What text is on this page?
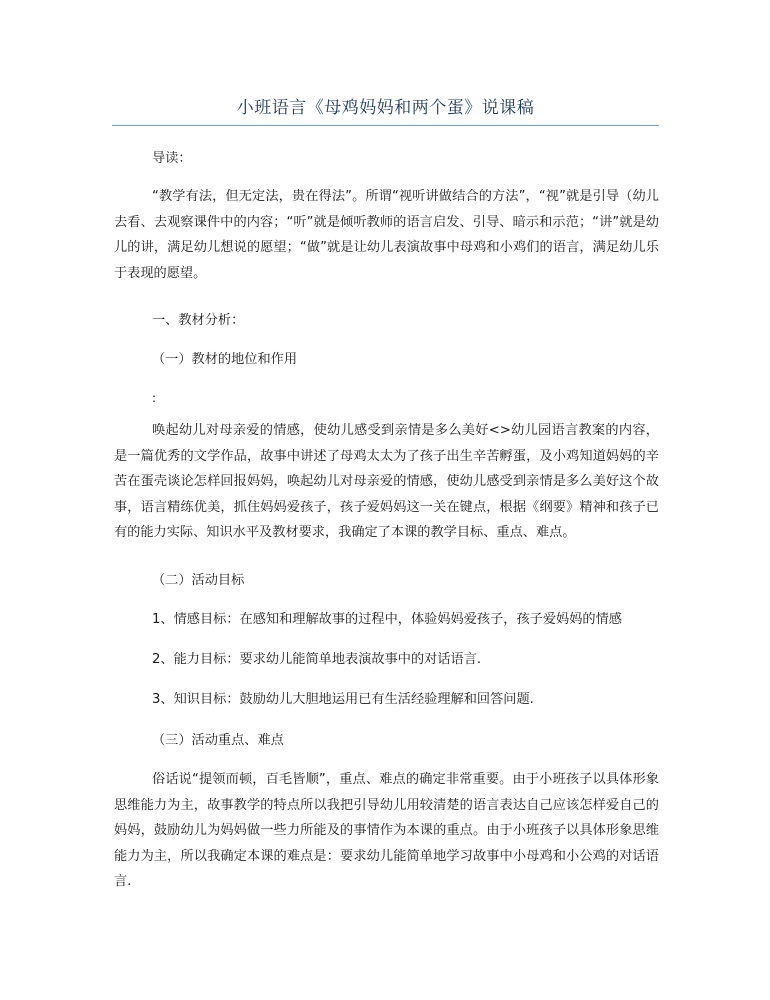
小班语言《母鸡妈妈和两个蛋》说课稿
导读：
“教学有法，但无定法，贵在得法”。所谓“视听讲做结合的方法”，“视”就是引导（幼儿去看、去观察课件中的内容；“听”就是倾听教师的语言启发、引导、暗示和示范；“讲”就是幼儿的讲，满足幼儿想说的愿望；“做”就是让幼儿表演故事中母鸡和小鸡们的语言，满足幼儿乐于表现的愿望。
一、教材分析：
（一）教材的地位和作用
:
唤起幼儿对母亲爱的情感，使幼儿感受到亲情是多么美好<>幼儿园语言教案的内容，是一篇优秀的文学作品，故事中讲述了母鸡太太为了孩子出生辛苦孵蛋，及小鸡知道妈妈的辛苦在蛋壳谈论怎样回报妈妈，唤起幼儿对母亲爱的情感，使幼儿感受到亲情是多么美好这个故事，语言精练优美，抓住妈妈爱孩子，孩子爱妈妈这一关在键点，根据《纲要》精神和孩子已有的能力实际、知识水平及教材要求，我确定了本课的教学目标、重点、难点。
（二）活动目标
1、情感目标：在感知和理解故事的过程中，体验妈妈爱孩子，孩子爱妈妈的情感
2、能力目标：要求幼儿能简单地表演故事中的对话语言.
3、知识目标：鼓励幼儿大胆地运用已有生活经验理解和回答问题.
（三）活动重点、难点
俗话说“提领而顿，百毛皆顺”，重点、难点的确定非常重要。由于小班孩子以具体形象思维能力为主，故事教学的特点所以我把引导幼儿用较清楚的语言表达自己应该怎样爱自己的妈妈，鼓励幼儿为妈妈做一些力所能及的事情作为本课的重点。由于小班孩子以具体形象思维能力为主，所以我确定本课的难点是：要求幼儿能简单地学习故事中小母鸡和小公鸡的对话语言.
